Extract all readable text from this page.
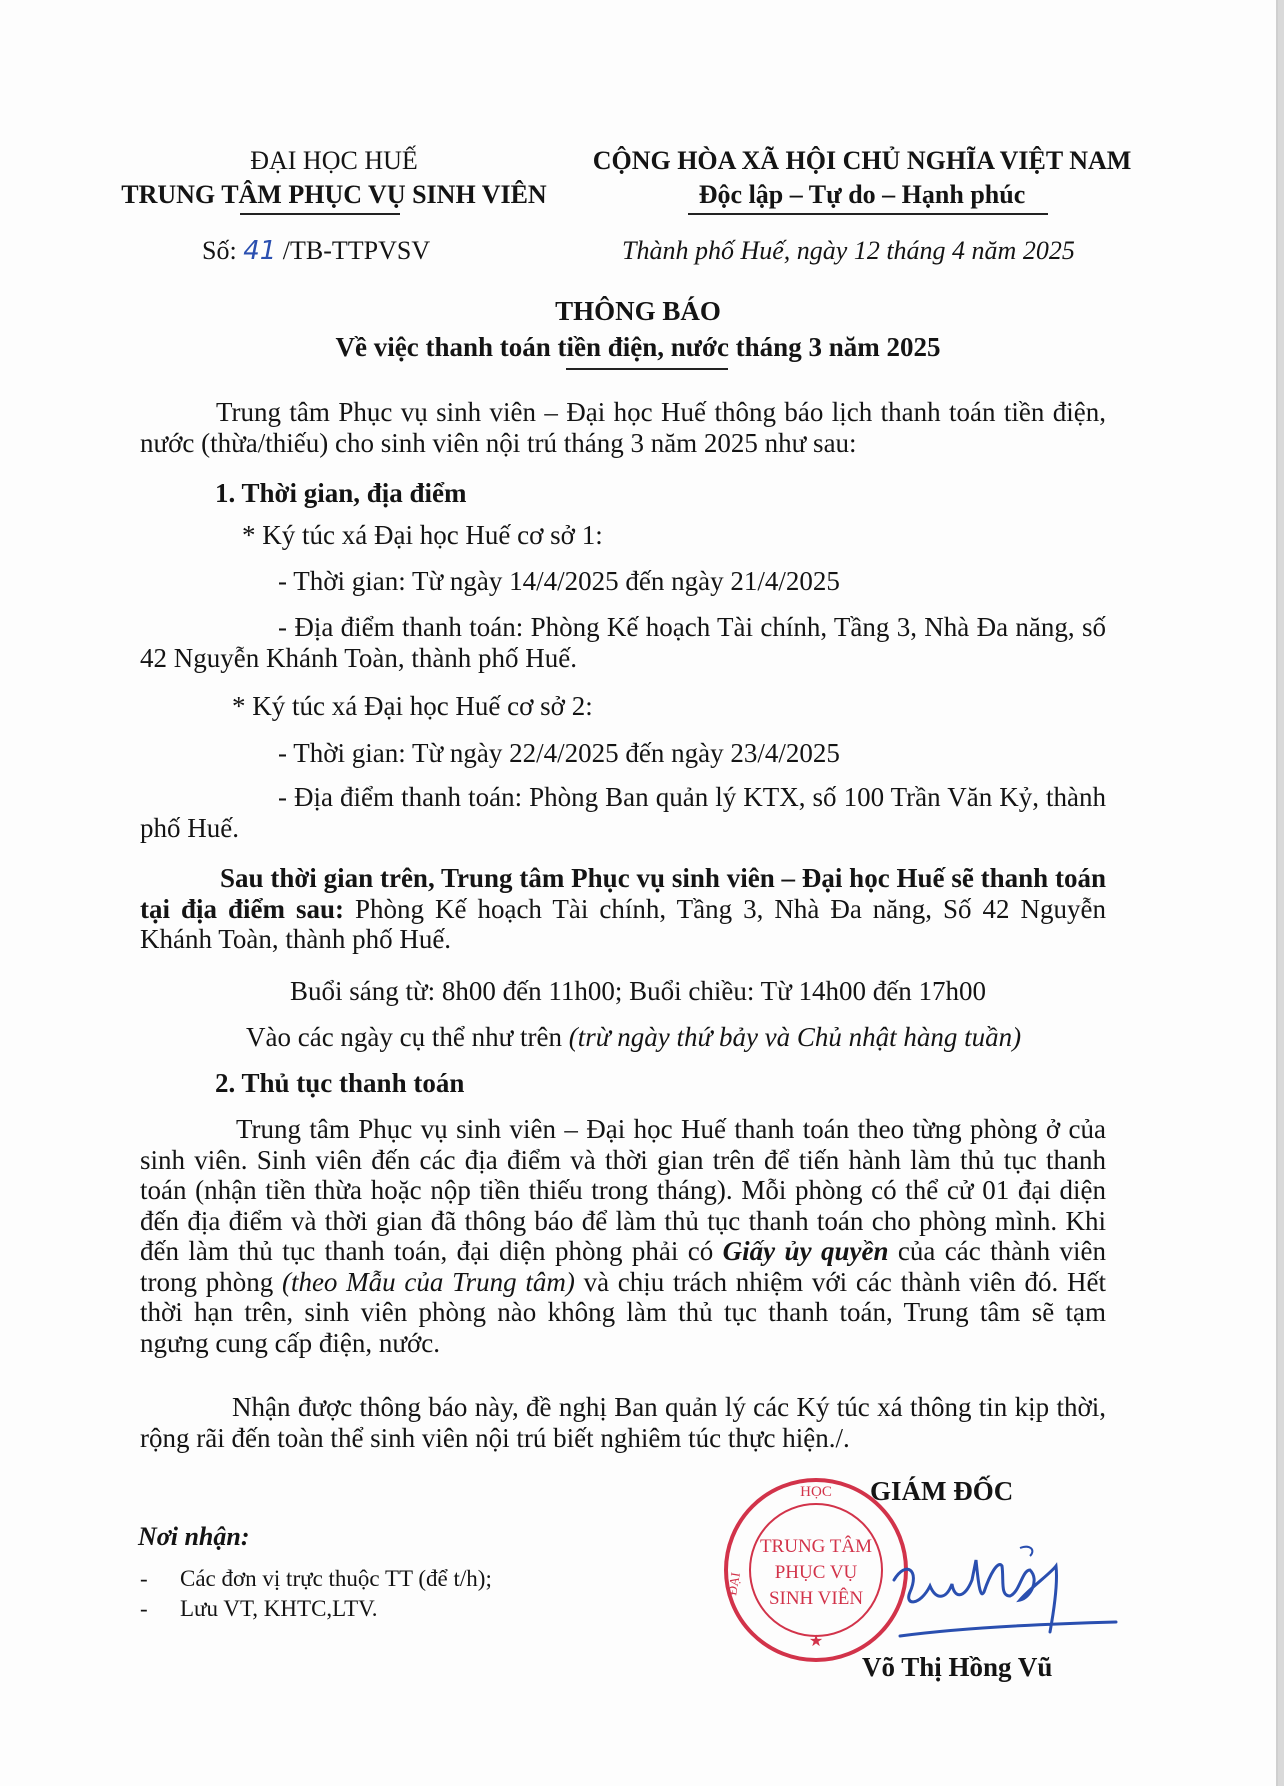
ĐẠI HỌC HUẾ
TRUNG TÂM PHỤC VỤ SINH VIÊN
CỘNG HÒA XÃ HỘI CHỦ NGHĨA VIỆT NAM
Độc lập – Tự do – Hạnh phúc
Số: 41 /TB-TTPVSV	Thành phố Huế, ngày 12 tháng 4 năm 2025
THÔNG BÁO
Về việc thanh toán tiền điện, nước tháng 3 năm 2025
Trung tâm Phục vụ sinh viên – Đại học Huế thông báo lịch thanh toán tiền điện, nước (thừa/thiếu) cho sinh viên nội trú tháng 3 năm 2025 như sau:
1. Thời gian, địa điểm
* Ký túc xá Đại học Huế cơ sở 1:
- Thời gian: Từ ngày 14/4/2025 đến ngày 21/4/2025
- Địa điểm thanh toán: Phòng Kế hoạch Tài chính, Tầng 3, Nhà Đa năng, số 42 Nguyễn Khánh Toàn, thành phố Huế.
* Ký túc xá Đại học Huế cơ sở 2:
- Thời gian: Từ ngày 22/4/2025 đến ngày 23/4/2025
- Địa điểm thanh toán: Phòng Ban quản lý KTX, số 100 Trần Văn Kỷ, thành phố Huế.
Sau thời gian trên, Trung tâm Phục vụ sinh viên – Đại học Huế sẽ thanh toán tại địa điểm sau: Phòng Kế hoạch Tài chính, Tầng 3, Nhà Đa năng, Số 42 Nguyễn Khánh Toàn, thành phố Huế.
Buổi sáng từ: 8h00 đến 11h00; Buổi chiều: Từ 14h00 đến 17h00
Vào các ngày cụ thể như trên (trừ ngày thứ bảy và Chủ nhật hàng tuần)
2. Thủ tục thanh toán
Trung tâm Phục vụ sinh viên – Đại học Huế thanh toán theo từng phòng ở của sinh viên. Sinh viên đến các địa điểm và thời gian trên để tiến hành làm thủ tục thanh toán (nhận tiền thừa hoặc nộp tiền thiếu trong tháng). Mỗi phòng có thể cử 01 đại diện đến địa điểm và thời gian đã thông báo để làm thủ tục thanh toán cho phòng mình. Khi đến làm thủ tục thanh toán, đại diện phòng phải có Giấy ủy quyền của các thành viên trong phòng (theo Mẫu của Trung tâm) và chịu trách nhiệm với các thành viên đó. Hết thời hạn trên, sinh viên phòng nào không làm thủ tục thanh toán, Trung tâm sẽ tạm ngưng cung cấp điện, nước.
Nhận được thông báo này, đề nghị Ban quản lý các Ký túc xá thông tin kịp thời, rộng rãi đến toàn thể sinh viên nội trú biết nghiêm túc thực hiện./.
Nơi nhận:
- Các đơn vị trực thuộc TT (để t/h);
- Lưu VT, KHTC,LTV.
GIÁM ĐỐC
Võ Thị Hồng Vũ
HỌC
ĐẠI
TRUNG TÂM
PHỤC VỤ
SINH VIÊN
★
